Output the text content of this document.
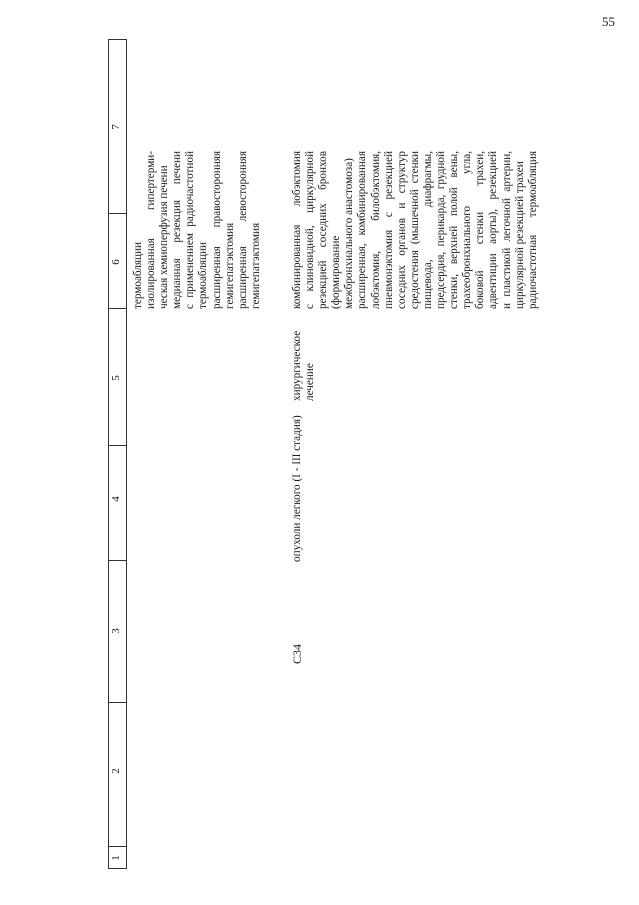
55
1
2
3
4
5
6
7
термоабляции изолированная гипертерми- ческая хемиоперфузия печени медианная резекция печени с применением радиочастотной термоабляции расширенная правосторонняя гемигепатэктомия расширенная левосторонняя гемигепатэктомия
C34
опухоли легкого (I - III стадия)
хирургическое лечение
комбинированная лобэктомия с клиновидной, циркулярной резекцией соседних бронхов (формирование межбронхиального анастомоза) расширенная, комбинированная лобэктомия, билобэктомия, пневмонэктомия с резекцией соседних органов и структур средостения (мышечной стенки пищевода, диафрагмы, предсердия, перикарда, грудной стенки, верхней полой вены, трахеобронхиального угла, боковой стенки трахеи, адвентиции аорты), резекцией и пластикой легочной артерии, циркулярной резекцией трахеи радиочастотная термоабляция
